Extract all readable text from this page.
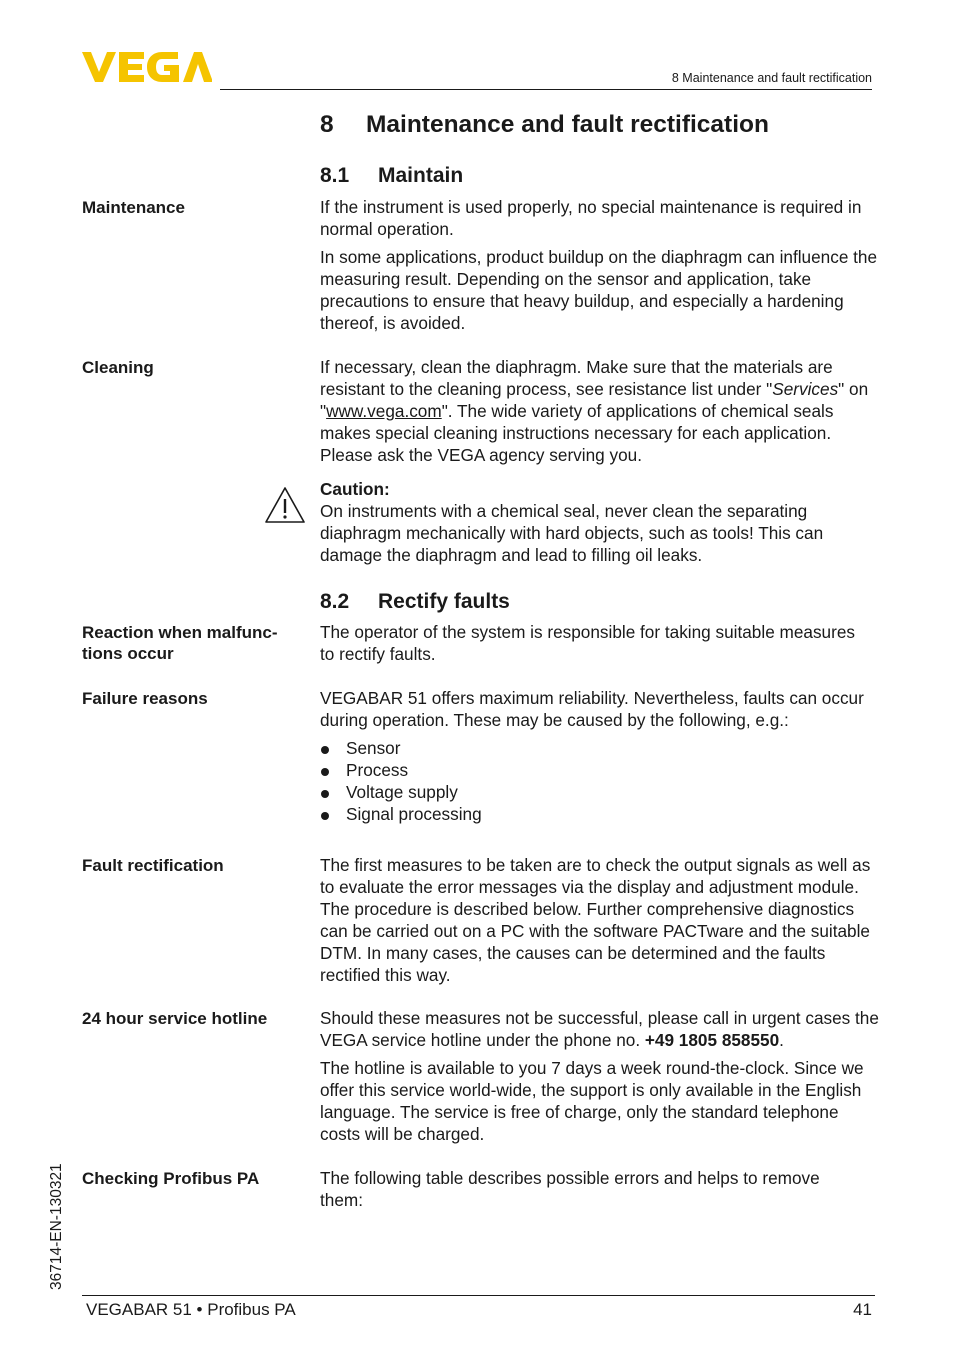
8 Maintenance and fault rectification
8 Maintenance and fault rectification
8.1 Maintain
Maintenance	If the instrument is used properly, no special maintenance is required in normal operation.

In some applications, product buildup on the diaphragm can influence the measuring result. Depending on the sensor and application, take precautions to ensure that heavy buildup, and especially a hardening thereof, is avoided.

Cleaning	If necessary, clean the diaphragm. Make sure that the materials are resistant to the cleaning process, see resistance list under "Services" on "www.vega.com". The wide variety of applications of chemical seals makes special cleaning instructions necessary for each application. Please ask the VEGA agency serving you.

Caution:
On instruments with a chemical seal, never clean the separating diaphragm mechanically with hard objects, such as tools! This can damage the diaphragm and lead to filling oil leaks.

8.2 Rectify faults
Reaction when malfunc-
tions occur

The operator of the system is responsible for taking suitable measures to rectify faults.

Failure reasons	VEGABAR 51 offers maximum reliability. Nevertheless, faults can occur during operation. These may be caused by the following, e.g.:

Sensor
Process
Voltage supply
Signal processing
Fault rectification	The first measures to be taken are to check the output signals as well as to evaluate the error messages via the display and adjustment module. The procedure is described below. Further comprehensive diagnostics can be carried out on a PC with the software PACTware and the suitable DTM. In many cases, the causes can be determined and the faults rectified this way.

24 hour service hotline	Should these measures not be successful, please call in urgent cases the VEGA service hotline under the phone no. +49 1805 858550.

The hotline is available to you 7 days a week round-the-clock. Since we offer this service world-wide, the support is only available in the English language. The service is free of charge, only the standard telephone costs will be charged.

Checking Profibus PA	The following table describes possible errors and helps to remove them:

36714-EN-130321
VEGABAR 51 • Profibus PA	41
